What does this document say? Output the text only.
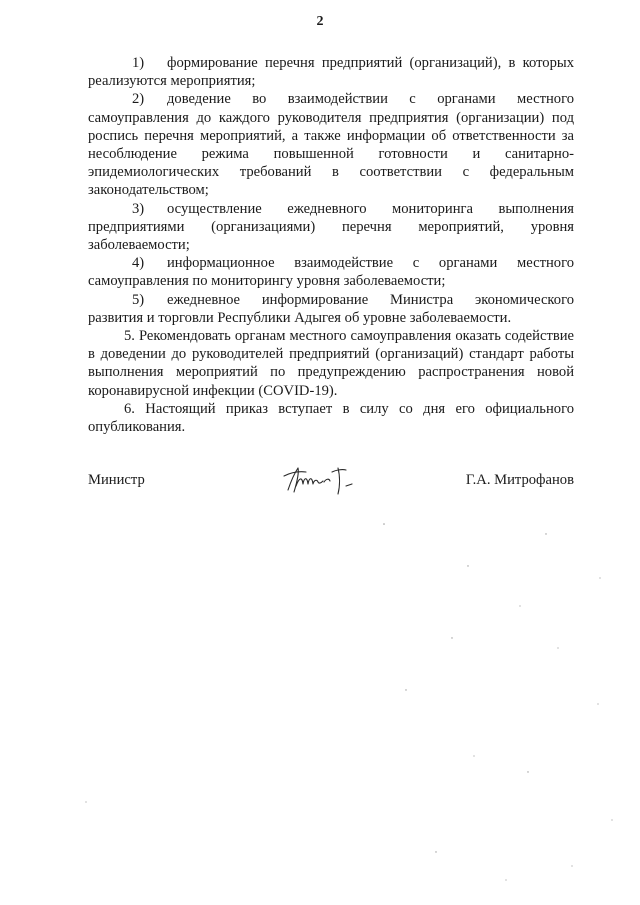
2

1) формирование перечня предприятий (организаций), в которых реализуются мероприятия;

2) доведение во взаимодействии с органами местного самоуправления до каждого руководителя предприятия (организации) под роспись перечня мероприятий, а также информации об ответственности за несоблюдение режима повышенной готовности и санитарно-эпидемиологических требований в соответствии с федеральным законодательством;

3) осуществление ежедневного мониторинга выполнения предприятиями (организациями) перечня мероприятий, уровня заболеваемости;

4) информационное взаимодействие с органами местного самоуправления по мониторингу уровня заболеваемости;

5) ежедневное информирование Министра экономического развития и торговли Республики Адыгея об уровне заболеваемости.

5. Рекомендовать органам местного самоуправления оказать содействие в доведении до руководителей предприятий (организаций) стандарт работы выполнения мероприятий по предупреждению распространения новой коронавирусной инфекции (COVID-19).

6. Настоящий приказ вступает в силу со дня его официального опубликования.

Министр	Г.А. Митрофанов
